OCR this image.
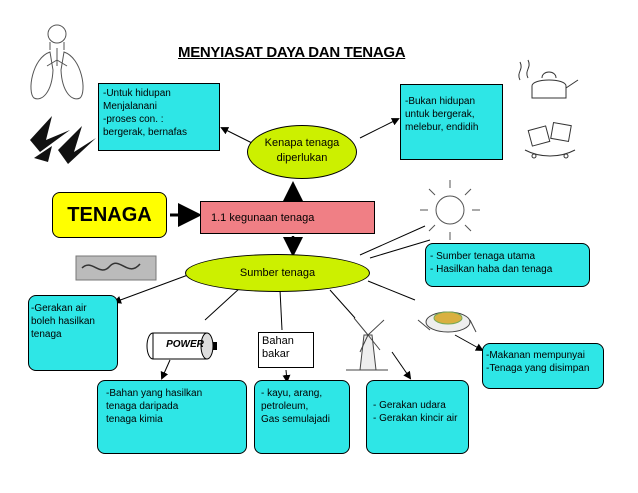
MENYIASAT DAYA DAN TENAGA
-Untuk hidupan
Menjalanani
-proses con. :
bergerak, bernafas
-Bukan hidupan
untuk bergerak,
melebur, endidih
Kenapa tenaga
diperlukan
TENAGA	1.1 kegunaan tenaga
Sumber tenaga
- Sumber tenaga utama
- Hasilkan haba dan tenaga
-Gerakan air
boleh hasilkan
tenaga
POWER	Bahan
bakar
-Bahan yang hasilkan
tenaga daripada
tenaga kimia
- kayu, arang,
petroleum,
Gas semulajadi
- Gerakan udara
- Gerakan kincir air
-Makanan mempunyai
-Tenaga yang disimpan
